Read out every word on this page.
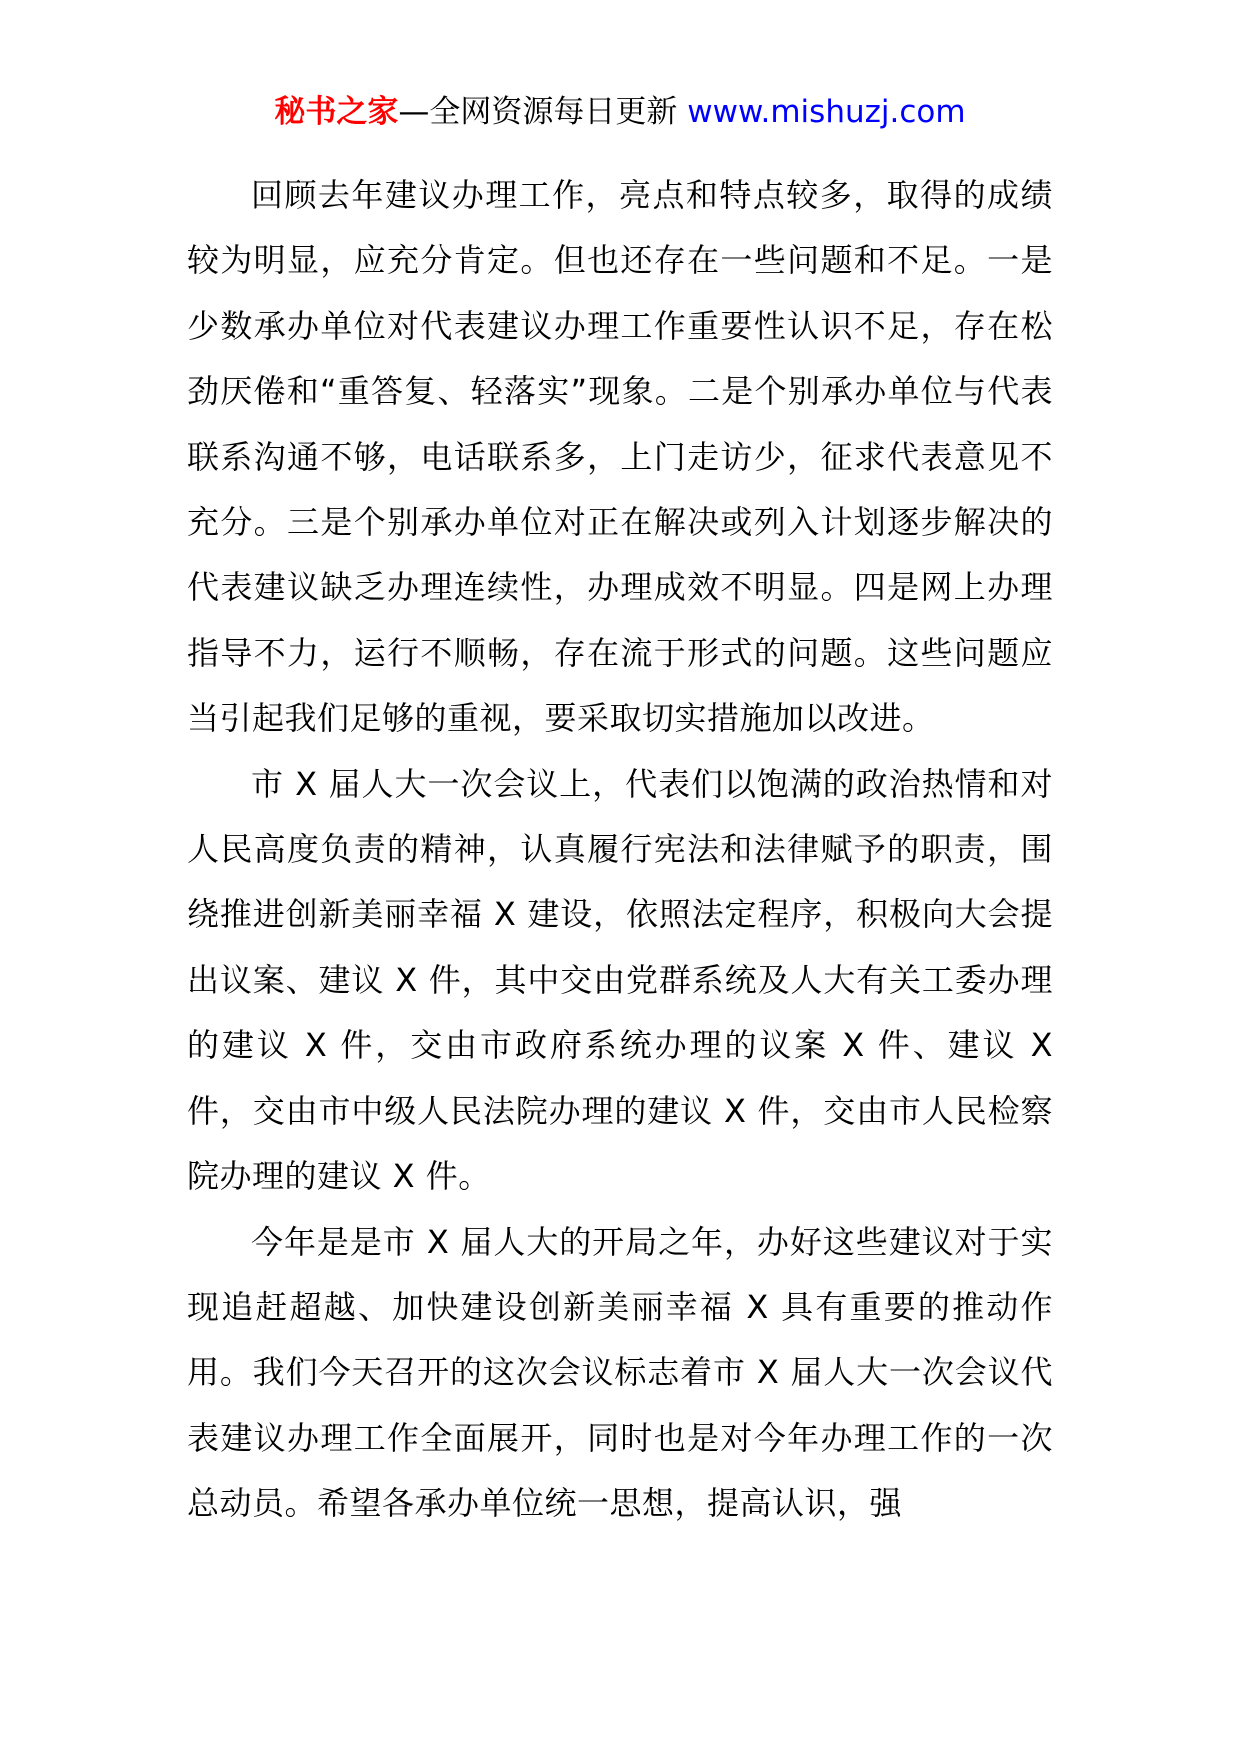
秘书之家—全网资源每日更新 www.mishuzj.com

回顾去年建议办理工作，亮点和特点较多，取得的成绩较为明显，应充分肯定。但也还存在一些问题和不足。一是少数承办单位对代表建议办理工作重要性认识不足，存在松劲厌倦和“重答复、轻落实”现象。二是个别承办单位与代表联系沟通不够，电话联系多，上门走访少，征求代表意见不充分。三是个别承办单位对正在解决或列入计划逐步解决的代表建议缺乏办理连续性，办理成效不明显。四是网上办理指导不力，运行不顺畅，存在流于形式的问题。这些问题应当引起我们足够的重视，要采取切实措施加以改进。

市 X 届人大一次会议上，代表们以饱满的政治热情和对人民高度负责的精神，认真履行宪法和法律赋予的职责，围绕推进创新美丽幸福 X 建设，依照法定程序，积极向大会提出议案、建议 X 件，其中交由党群系统及人大有关工委办理的建议 X 件，交由市政府系统办理的议案 X 件、建议 X 件，交由市中级人民法院办理的建议 X 件，交由市人民检察院办理的建议 X 件。

今年是是市 X 届人大的开局之年，办好这些建议对于实现追赶超越、加快建设创新美丽幸福 X 具有重要的推动作用。我们今天召开的这次会议标志着市 X 届人大一次会议代表建议办理工作全面展开，同时也是对今年办理工作的一次总动员。希望各承办单位统一思想，提高认识，强
